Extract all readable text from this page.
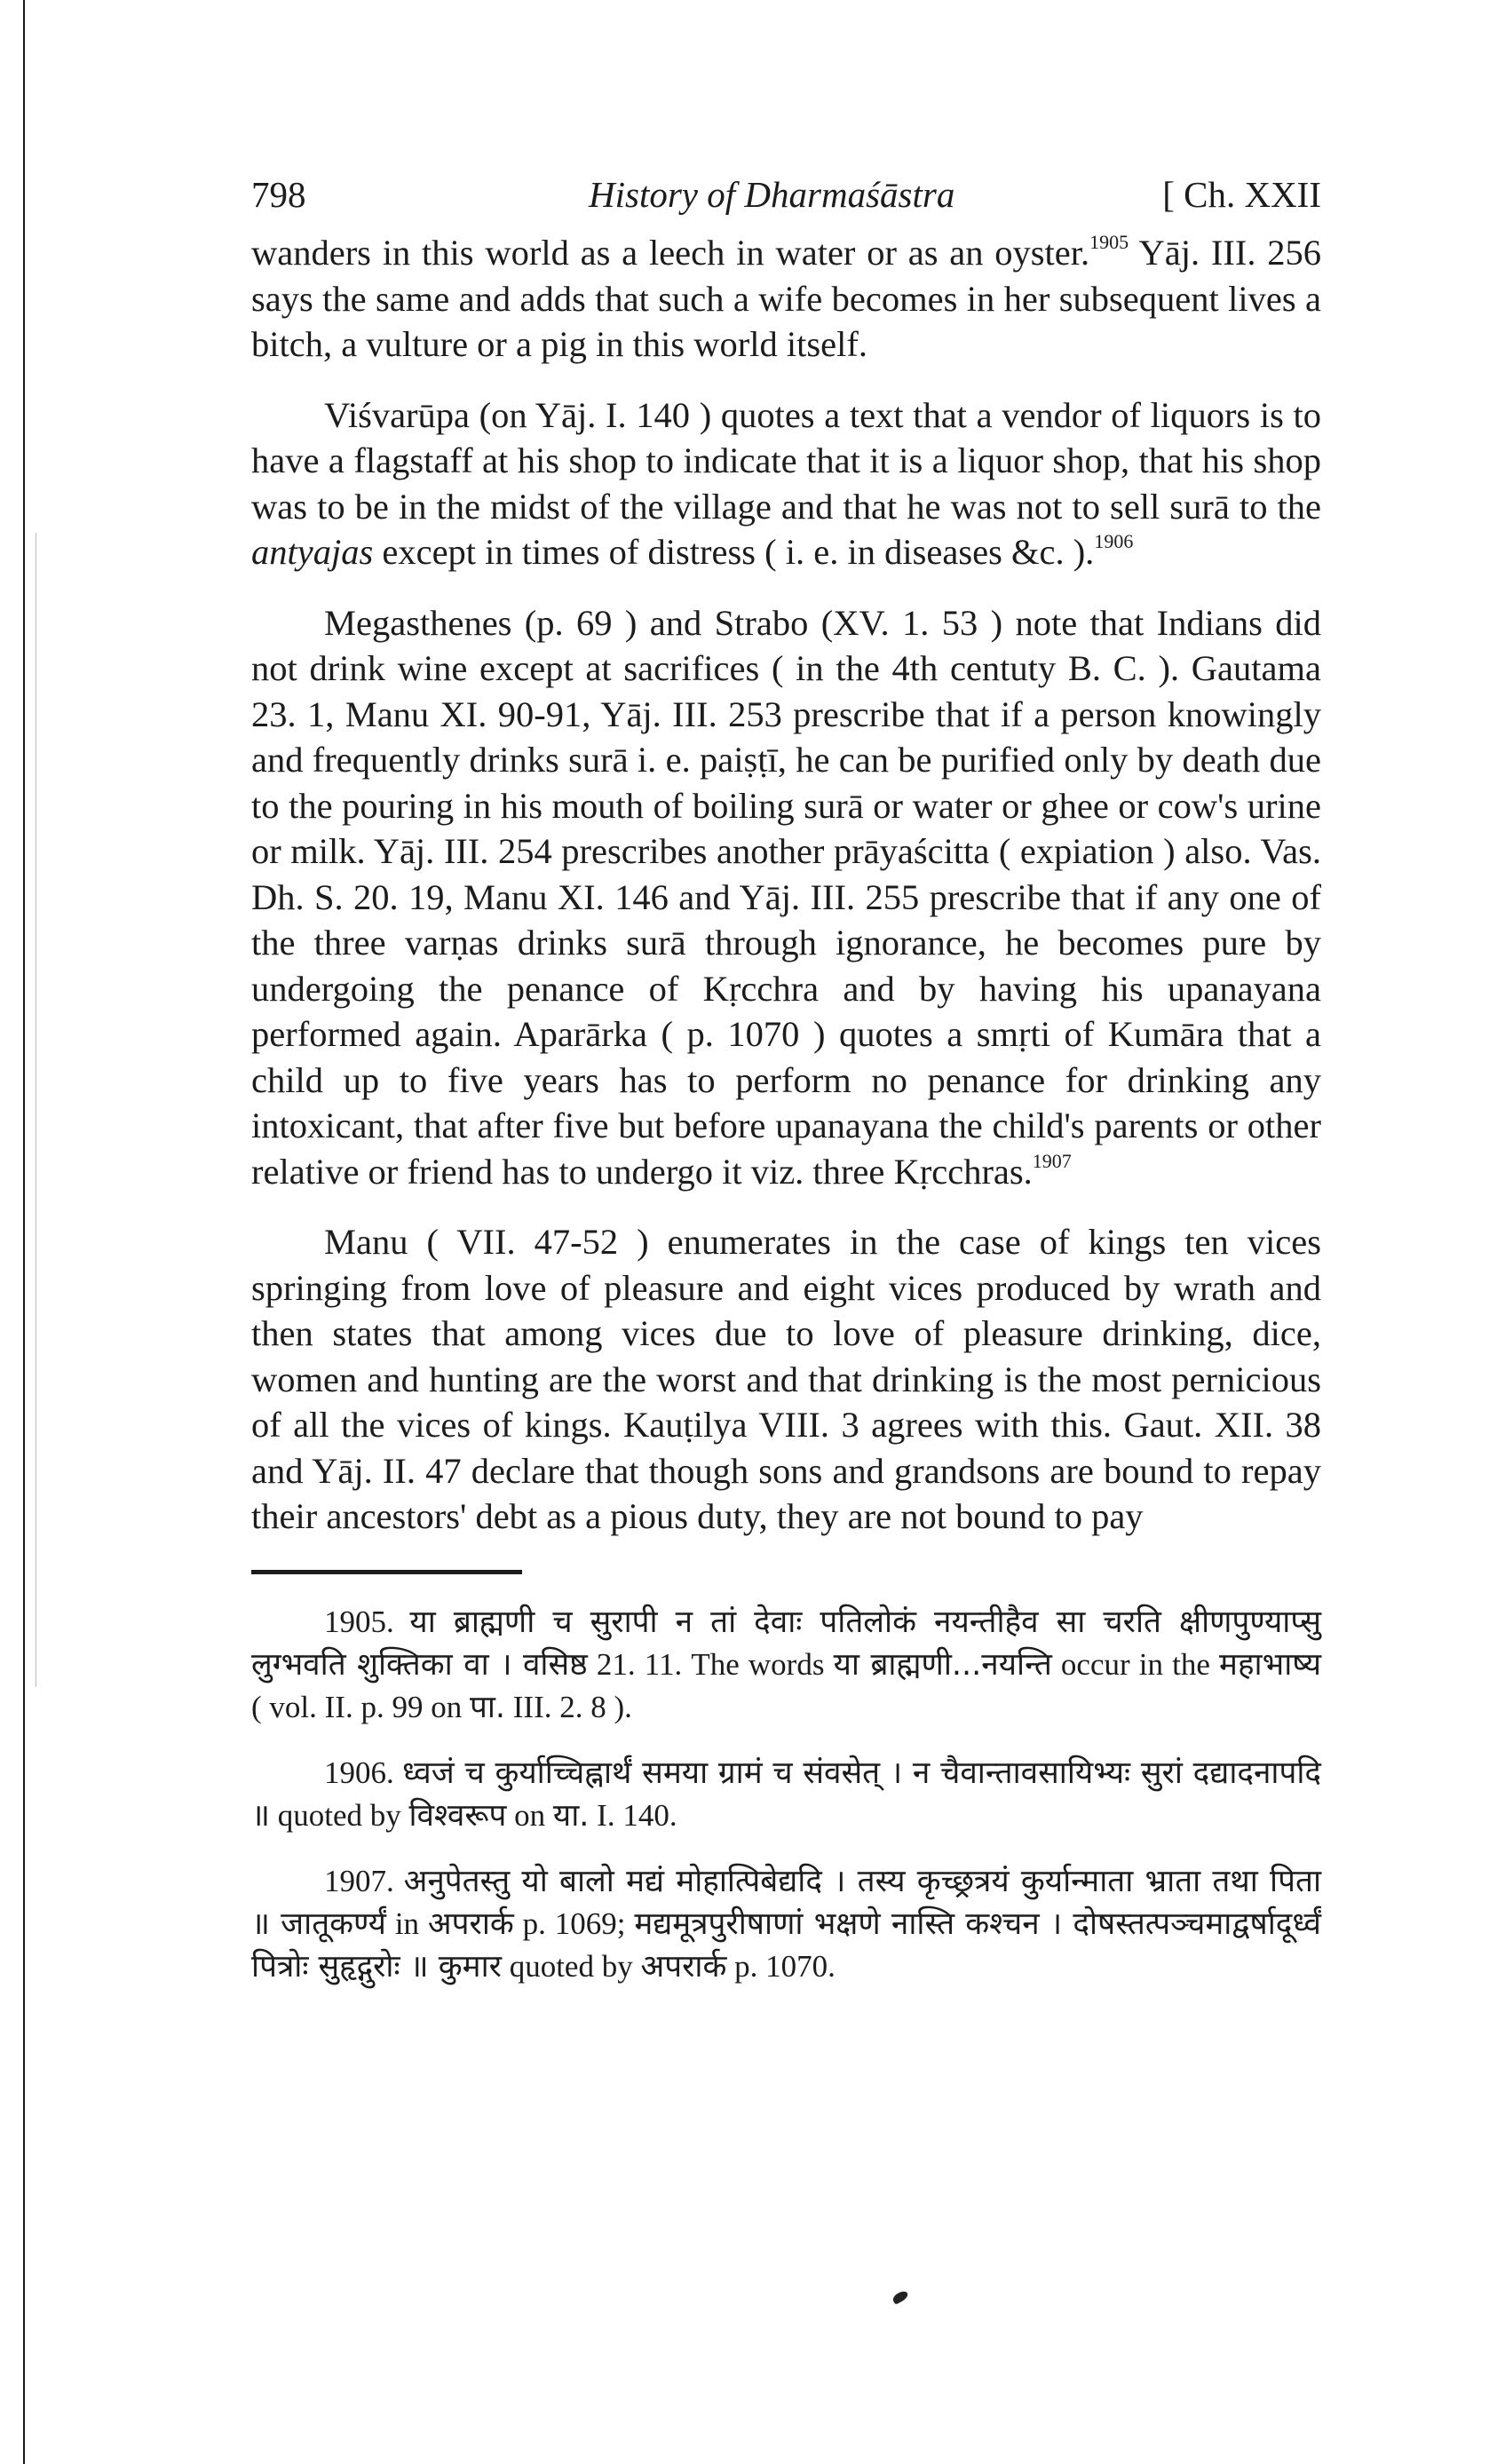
798	History of Dharmaśāstra	[ Ch. XXII

wanders in this world as a leech in water or as an oyster.$^{1905}$ Yāj. III. 256 says the same and adds that such a wife becomes in her subsequent lives a bitch, a vulture or a pig in this world itself.

Viśvarūpa (on Yāj. I. 140 ) quotes a text that a vendor of liquors is to have a flagstaff at his shop to indicate that it is a liquor shop, that his shop was to be in the midst of the village and that he was not to sell surā to the antyajas except in times of distress ( i. e. in diseases &c. ).$^{1906}$

Megasthenes (p. 69 ) and Strabo (XV. 1. 53 ) note that Indians did not drink wine except at sacrifices ( in the 4th centuty B. C. ). Gautama 23. 1, Manu XI. 90-91, Yāj. III. 253 prescribe that if a person knowingly and frequently drinks surā i. e. paiṣṭī, he can be purified only by death due to the pouring in his mouth of boiling surā or water or ghee or cow's urine or milk. Yāj. III. 254 prescribes another prāyaścitta ( expiation ) also. Vas. Dh. S. 20. 19, Manu XI. 146 and Yāj. III. 255 prescribe that if any one of the three varṇas drinks surā through ignorance, he becomes pure by undergoing the penance of Kṛcchra and by having his upanayana performed again. Aparārka ( p. 1070 ) quotes a smṛti of Kumāra that a child up to five years has to perform no penance for drinking any intoxicant, that after five but before upanayana the child's parents or other relative or friend has to undergo it viz. three Kṛcchras.$^{1907}$

Manu ( VII. 47-52 ) enumerates in the case of kings ten vices springing from love of pleasure and eight vices produced by wrath and then states that among vices due to love of pleasure drinking, dice, women and hunting are the worst and that drinking is the most pernicious of all the vices of kings. Kauṭilya VIII. 3 agrees with this. Gaut. XII. 38 and Yāj. II. 47 declare that though sons and grandsons are bound to repay their ancestors' debt as a pious duty, they are not bound to pay

1905. या ब्राह्मणी च सुरापी न तां देवाः पतिलोकं नयन्तीहैव सा चरति क्षीणपुण्याप्सु लुग्भवति शुक्तिका वा । वसिष्ठ 21. 11. The words या ब्राह्मणी...नयन्ति occur in the महाभाष्य ( vol. II. p. 99 on पा. III. 2. 8 ).

1906. ध्वजं च कुर्याच्चिह्नार्थं समया ग्रामं च संवसेत् । न चैवान्तावसायिभ्यः सुरां दद्यादनापदि ॥ quoted by विश्वरूप on या. I. 140.

1907. अनुपेतस्तु यो बालो मद्यं मोहात्पिबेद्यदि । तस्य कृच्छ्रत्रयं कुर्यान्माता भ्राता तथा पिता ॥ जातूकर्ण्यं in अपरार्क p. 1069; मद्यमूत्रपुरीषाणां भक्षणे नास्ति कश्चन । दोषस्तत्पञ्चमाद्वर्षादूर्ध्वं पित्रोः सुहृद्गुरोः ॥ कुमार quoted by अपरार्क p. 1070.
